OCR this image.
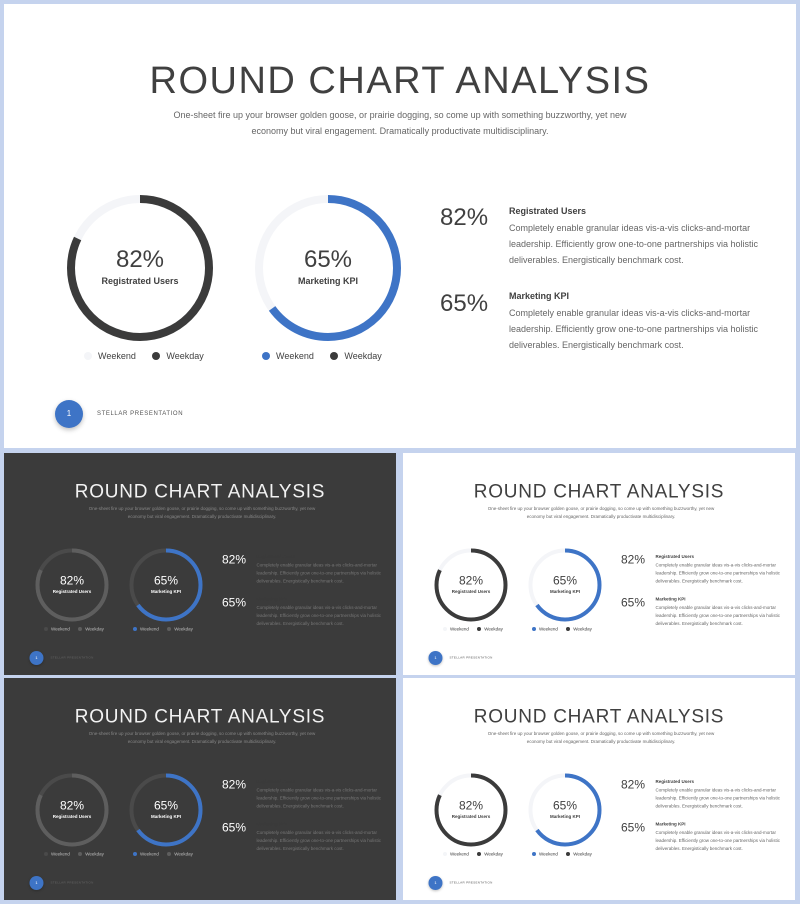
ROUND CHART ANALYSIS
One-sheet fire up your browser golden goose, or prairie dogging, so come up with something buzzworthy, yet new economy but viral engagement. Dramatically productivate multidisciplinary.
82%
Registrated Users
Weekend
	Weekday
65%
Marketing KPI
Weekend
	Weekday
82% Registrated Users
Completely enable granular ideas vis-a-vis clicks-and-mortar leadership. Efficiently grow one-to-one partnerships via holistic deliverables. Energistically benchmark cost.
65% Marketing KPI
Completely enable granular ideas vis-a-vis clicks-and-mortar leadership. Efficiently grow one-to-one partnerships via holistic deliverables. Energistically benchmark cost.
1	STELLAR PRESENTATION
ROUND CHART ANALYSIS
One-sheet fire up your browser golden goose, or prairie dogging, so come up with something buzzworthy, yet new economy but viral engagement. Dramatically productivate multidisciplinary.
82%
Registrated Users
Weekend
Weekday
65%
Marketing KPI
Weekend
Weekday
82% Registrated Users
Completely enable granular ideas vis-a-vis clicks-and-mortar leadership. Efficiently grow one-to-one partnerships via holistic deliverables. Energistically benchmark cost.
65% Marketing KPI
Completely enable granular ideas vis-a-vis clicks-and-mortar leadership. Efficiently grow one-to-one partnerships via holistic deliverables. Energistically benchmark cost.
1	STELLAR PRESENTATION
ROUND CHART ANALYSIS
One-sheet fire up your browser golden goose, or prairie dogging, so come up with something buzzworthy, yet new economy but viral engagement. Dramatically productivate multidisciplinary.
82%
Registrated Users
Weekend
Weekday
65%
Marketing KPI
Weekend
Weekday
82% Registrated Users
Completely enable granular ideas vis-a-vis clicks-and-mortar leadership. Efficiently grow one-to-one partnerships via holistic deliverables. Energistically benchmark cost.
65% Marketing KPI
Completely enable granular ideas vis-a-vis clicks-and-mortar leadership. Efficiently grow one-to-one partnerships via holistic deliverables. Energistically benchmark cost.
1	STELLAR PRESENTATION
ROUND CHART ANALYSIS
One-sheet fire up your browser golden goose, or prairie dogging, so come up with something buzzworthy, yet new economy but viral engagement. Dramatically productivate multidisciplinary.
82%
Registrated Users
Weekend
Weekday
65%
Marketing KPI
Weekend
Weekday
82% Registrated Users
Completely enable granular ideas vis-a-vis clicks-and-mortar leadership. Efficiently grow one-to-one partnerships via holistic deliverables. Energistically benchmark cost.
65% Marketing KPI
Completely enable granular ideas vis-a-vis clicks-and-mortar leadership. Efficiently grow one-to-one partnerships via holistic deliverables. Energistically benchmark cost.
1	STELLAR PRESENTATION
ROUND CHART ANALYSIS
One-sheet fire up your browser golden goose, or prairie dogging, so come up with something buzzworthy, yet new economy but viral engagement. Dramatically productivate multidisciplinary.
82%
Registrated Users
Weekend
Weekday
65%
Marketing KPI
Weekend
Weekday
82% Registrated Users
Completely enable granular ideas vis-a-vis clicks-and-mortar leadership. Efficiently grow one-to-one partnerships via holistic deliverables. Energistically benchmark cost.
65% Marketing KPI
Completely enable granular ideas vis-a-vis clicks-and-mortar leadership. Efficiently grow one-to-one partnerships via holistic deliverables. Energistically benchmark cost.
1	STELLAR PRESENTATION
